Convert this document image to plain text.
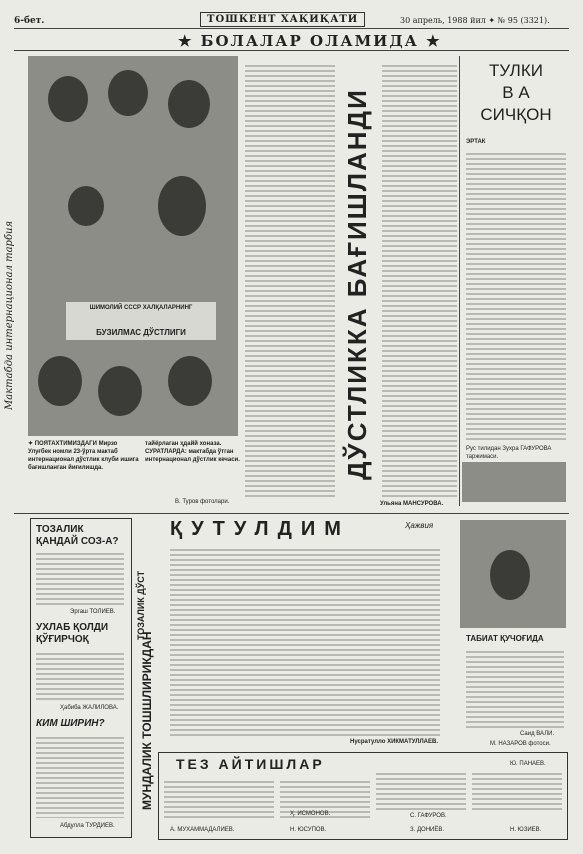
6-бет.	ТОШКЕНТ ХАҚИҚАТИ	30 апрель, 1988 йил ✦ № 95 (3321).
★ БОЛАЛАР ОЛАМИДА ★
ШИМОЛИЙ СССР ХАЛҚАЛАРНИНГ
БУЗИЛМАС ДЎСТЛИГИ
Мактабда интернационал тарбия
✦ ПОЯТАХТИМИЗДАГИ Мирзо Улуғбек номли 23-ўрта мактаб интернационал дўстлик клуби ишига бағишланган йиғилишда.
тайёрлаган ҳдайй хоназа. СУРАТЛАРДА: мактабда ўтган интернационал дўстлик кечаси.
В. Туров фотолари.
ДЎСТЛИККА БАҒИШЛАНДИ
Ульяна МАНСУРОВА.
ТУЛКИ
В А
СИЧҚОН
ЭРТАК
Рус тилидан Зухра ГАФУРОВА таржимаси.
ТОЗАЛИК ҚАНДАЙ СОЗ-А?
Эргаш ТОЛИЕВ.
УХЛАБ ҚОЛДИ ҚЎҒИРЧОҚ
Ҳабиба ЖАЛИЛОВА.
КИМ ШИРИН?
Абдулла ТУРДИЕВ.
ТОЗАЛИК ДЎСТ
МУНДАЛИК ТОШШЛИРИКДАН
ҚУТУЛДИМ	Ҳажвия
Нусратулло ХИКМАТУЛЛАЕВ.
ТАБИАТ ҚУЧОҒИДА
Саид ВАЛИ.
М. НАЗАРОВ фотоси.
ТЕЗ АЙТИШЛАР
А. МУХАММАДАЛИЕВ.
Ҳ. ИСМОНОВ.
Ю. ПАНАЕВ.
Н. ЮСУПОВ.
С. ГАФУРОВ.
З. ДОНИЁВ.	Н. ЮЗИЕВ.
